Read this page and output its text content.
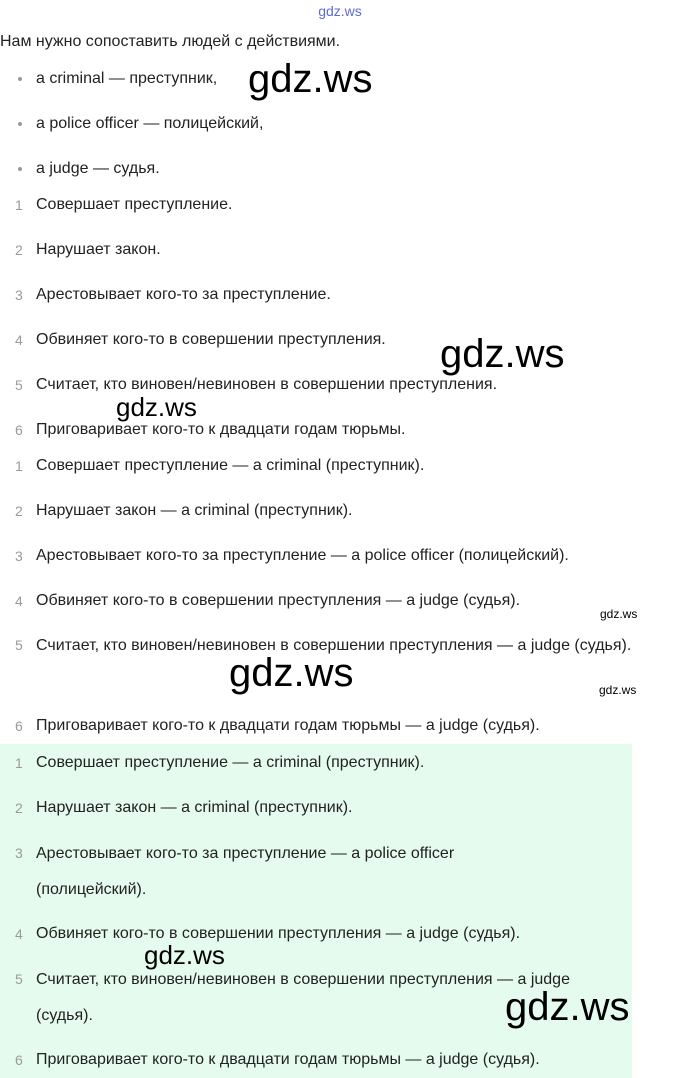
gdz.ws
Нам нужно сопоставить людей с действиями.
a criminal — преступник,
a police officer — полицейский,
a judge — судья.
1 Совершает преступление.
2 Нарушает закон.
3 Арестовывает кого-то за преступление.
4 Обвиняет кого-то в совершении преступления.
5 Считает, кто виновен/невиновен в совершении преступления.
6 Приговаривает кого-то к двадцати годам тюрьмы.
1 Совершает преступление — a criminal (преступник).
2 Нарушает закон — a criminal (преступник).
3 Арестовывает кого-то за преступление — a police officer (полицейский).
4 Обвиняет кого-то в совершении преступления — a judge (судья).
5 Считает, кто виновен/невиновен в совершении преступления — a judge (судья).
6 Приговаривает кого-то к двадцати годам тюрьмы — a judge (судья).
1 Совершает преступление — a criminal (преступник).
2 Нарушает закон — a criminal (преступник).
3 Арестовывает кого-то за преступление — a police officer (полицейский).
4 Обвиняет кого-то в совершении преступления — a judge (судья).
5 Считает, кто виновен/невиновен в совершении преступления — a judge (судья).
6 Приговаривает кого-то к двадцати годам тюрьмы — a judge (судья).
gdz.ws
gdz.ws
gdz.ws
gdz.ws
gdz.ws	gdz.ws
gdz.ws
gdz.ws
